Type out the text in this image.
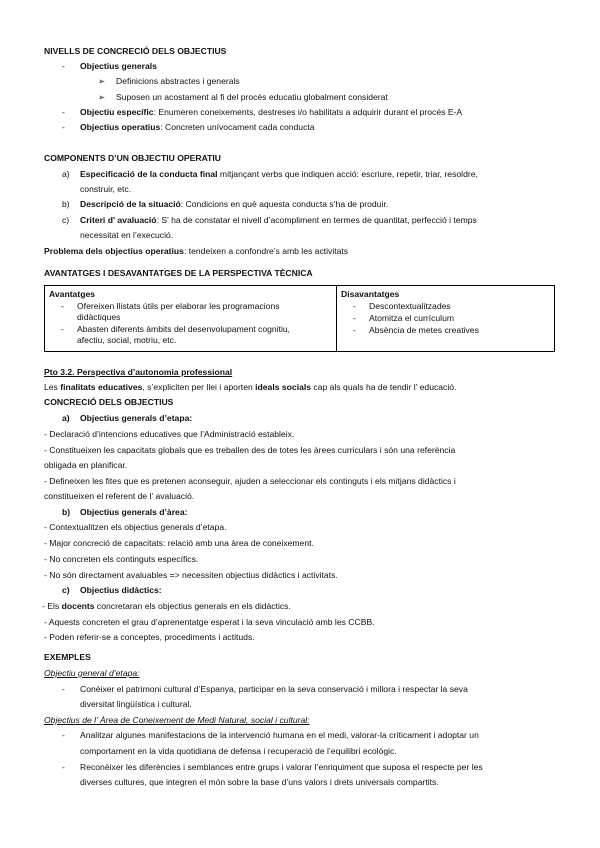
NIVELLS DE CONCRECIÓ DELS OBJECTIUS
- Objectius generals
➢ Definicions abstractes i generals
➢ Suposen un acostament al fi del procés educatiu globalment considerat
- Objectiu específic: Enumeren coneixements, destreses i/o habilitats a adquirir durant el procés E-A
- Objectius operatius: Concreten unívocament cada conducta
COMPONENTS D’UN OBJECTIU OPERATIU
a) Especificació de la conducta final mitjançant verbs que indiquen acció: escriure, repetir, triar, resoldre,
construir, etc.
b) Descripció de la situació: Condicions en què aquesta conducta s’ha de produir.
c) Criteri d' avaluació: S' ha de constatar el nivell d’acompliment en termes de quantitat, perfecció i temps
necessitat en l’execució.
Problema dels objectius operatius: tendeixen a confondre’s amb les activitats
AVANTATGES I DESAVANTATGES DE LA PERSPECTIVA TÈCNICA
Avantatges
- Ofereixen llistats útils per elaborar les programacions didàctiques
- Abasten diferents àmbits del desenvolupament cognitiu, afectiu, social, motriu, etc.

Disavantatges
- Descontextualitzades
- Atomitza el currículum
- Absència de metes creatives
Pto 3.2. Perspectiva d’autonomia professional
Les finalitats educatives, s’expliciten per llei i aporten ideals socials cap als quals ha de tendir l’ educació.
CONCRECIÓ DELS OBJECTIUS
a) Objectius generals d’etapa:
- Declaració d’intencions educatives que l’Administració estableix.
- Constitueixen les capacitats globals que es treballen des de totes les àrees curriculars i són una referència
obligada en planificar.
- Defineixen les fites que es pretenen aconseguir, ajuden a seleccionar els continguts i els mitjans didàctics i
constitueixen el referent de l’ avaluació.
b) Objectius generals d’àrea:
- Contextualitzen els objectius generals d’etapa.
- Major concreció de capacitats: relació amb una àrea de coneixement.
- No concreten els continguts específics.
- No són directament avaluables => necessiten objectius didàctics i activitats.
c) Objectius didàctics:
- Els docents concretaran els objectius generals en els didàctics.
- Aquests concreten el grau d’aprenentatge esperat i la seva vinculació amb les CCBB.
- Poden referir-se a conceptes, procediments i actituds.
EXEMPLES
Objectiu general d’etapa:
- Conèixer el patrimoni cultural d’Espanya, participar en la seva conservació i millora i respectar la seva
diversitat lingüística i cultural.
Objectius de l’ Àrea de Coneixement de Medi Natural, social i cultural:
- Analitzar algunes manifestacions de la intervenció humana en el medi, valorar-la críticament i adoptar un
comportament en la vida quotidiana de defensa i recuperació de l’equilibri ecològic.
- Reconèixer les diferències i semblances entre grups i valorar l’enriquiment que suposa el respecte per les
diverses cultures, que integren el món sobre la base d’uns valors i drets universals compartits.
